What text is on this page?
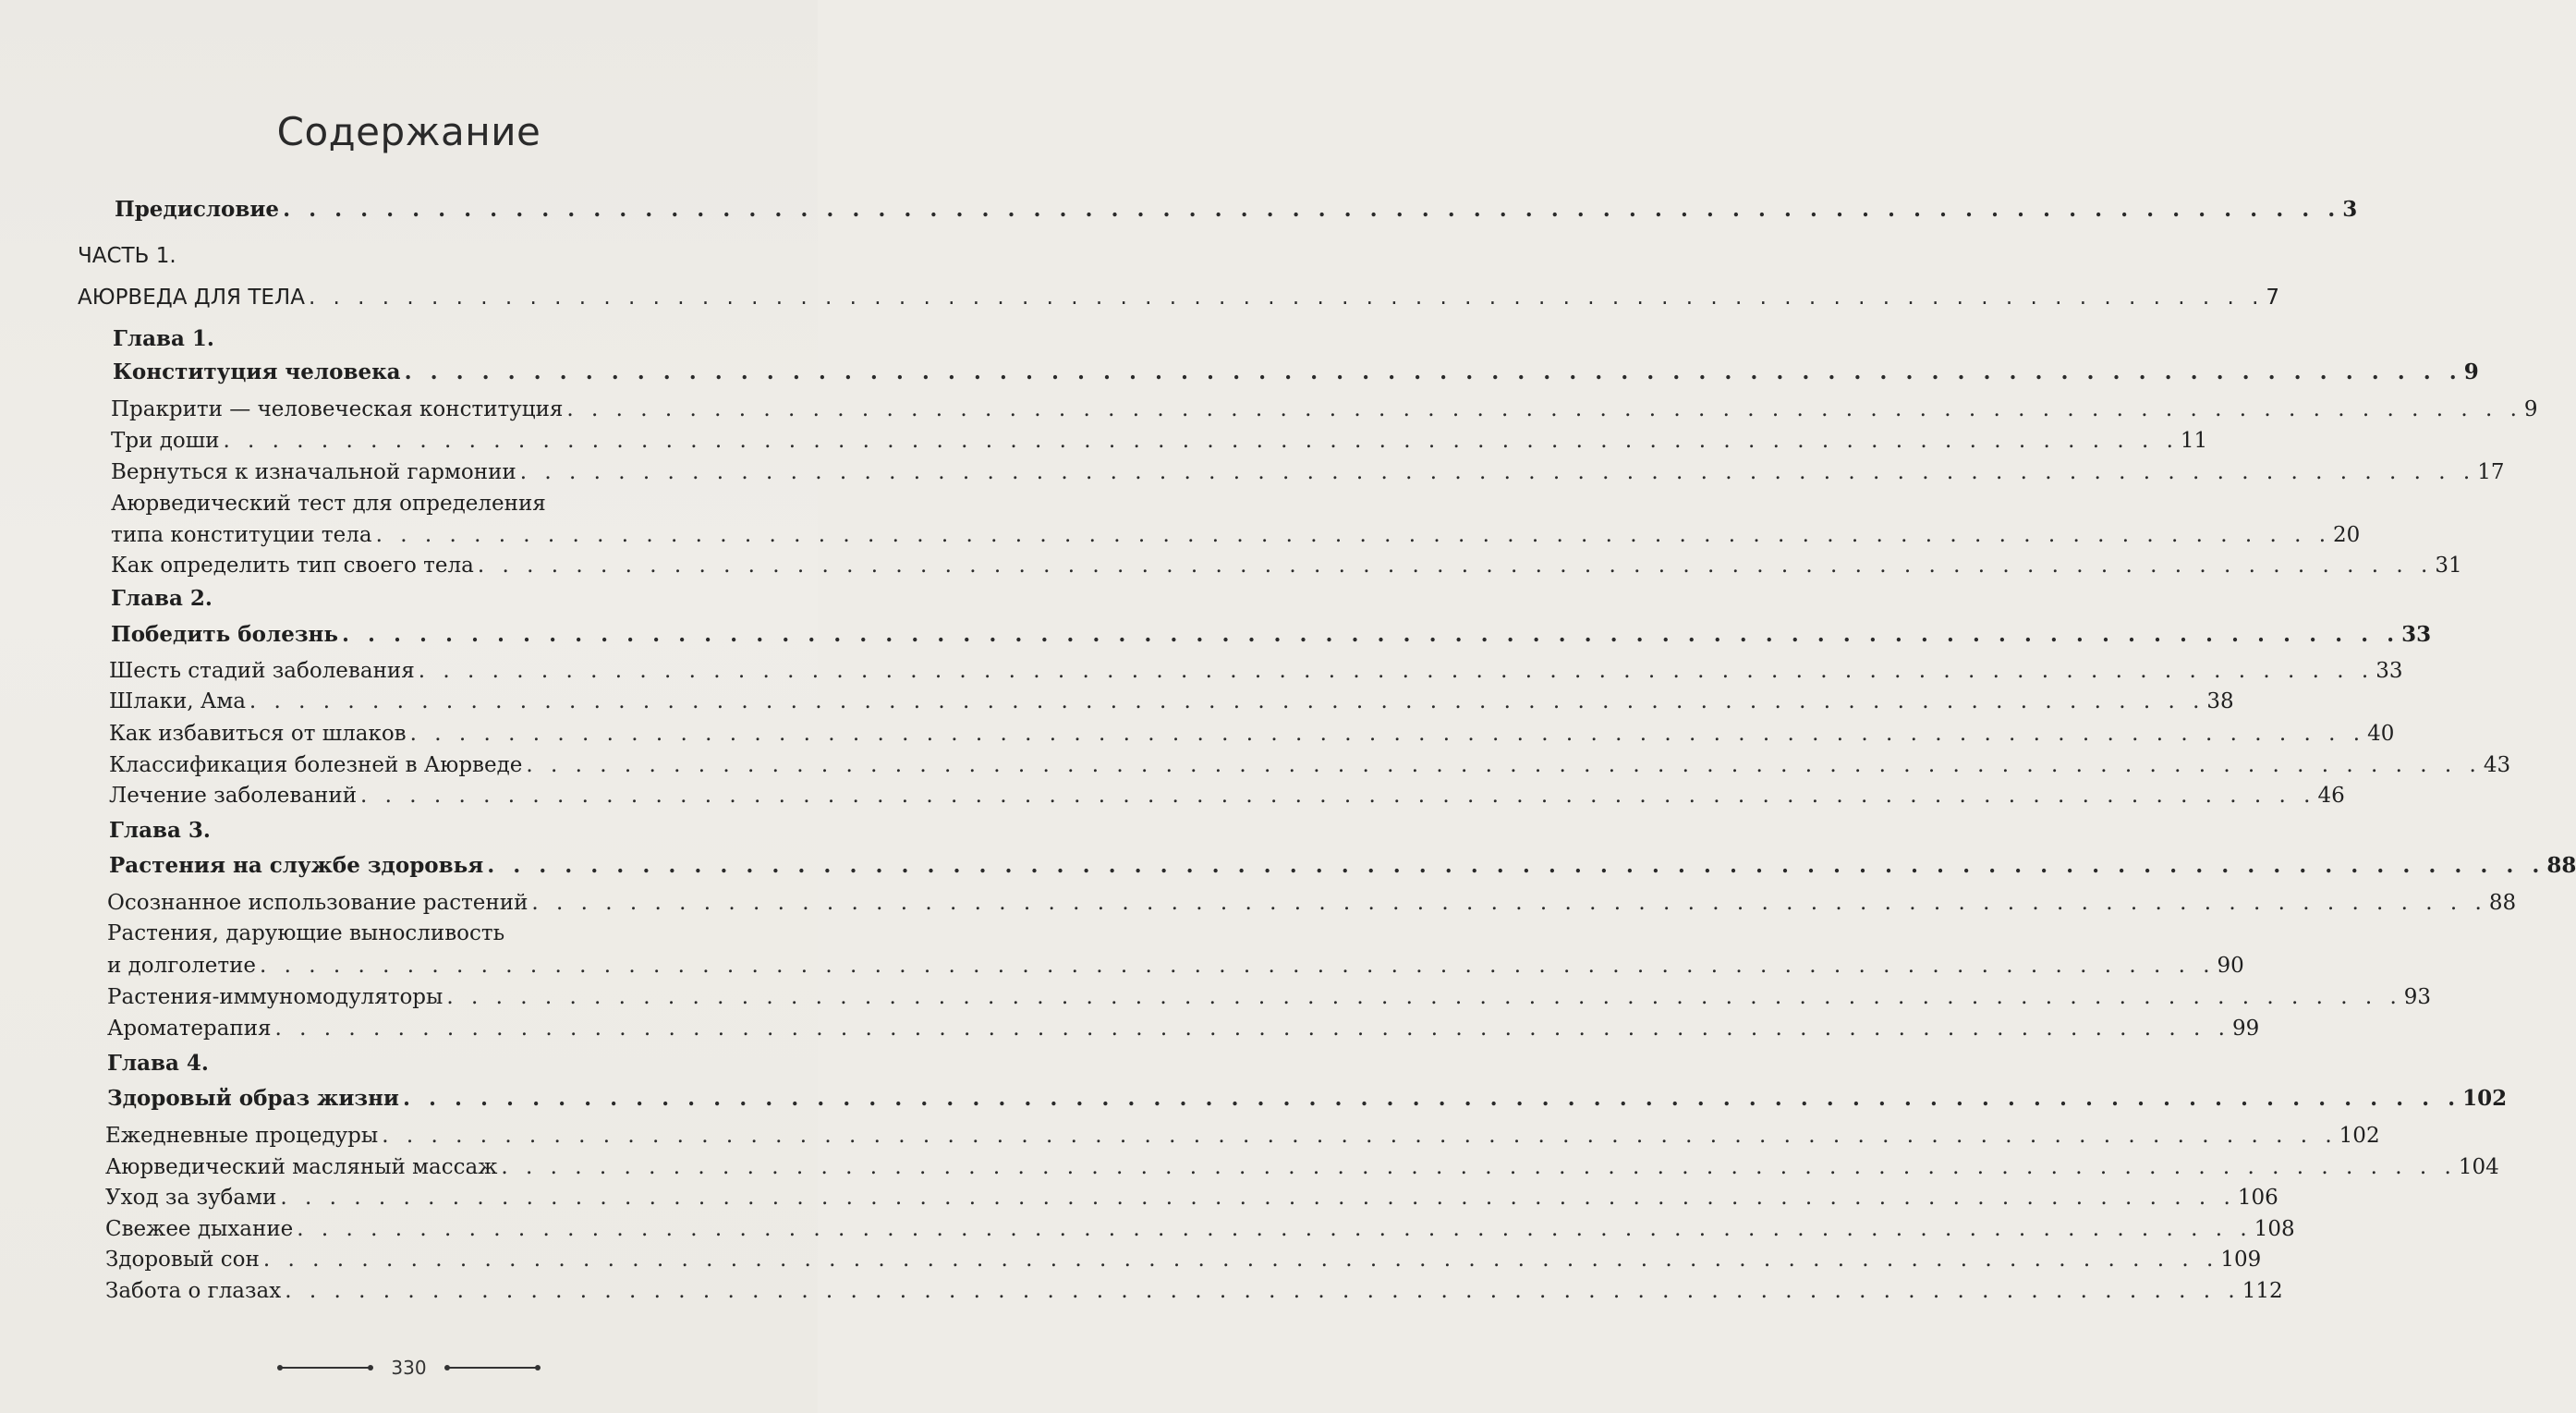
Содержание
Предисловие . . . . . . . . . . . . . . . . . . . . . . . . . . . . . . . . . . . . . . . . . . . . . . . . . . . . . . . . . . . . . . . . . . . . . . . . . . . . . . . . 3
ЧАСТЬ 1.
АЮРВЕДА ДЛЯ ТЕЛА . . . . . . . . . . . . . . . . . . . . . . . . . . . . . . . . . . . . . . . . . . . . . . . . . . . . . . . . . . . . . . . . . . . . . . . . . . . . . . . . 7
Глава 1.
Конституция человека . . . . . . . . . . . . . . . . . . . . . . . . . . . . . . . . . . . . . . . . . . . . . . . . . . . . . . . . . . . . . . . . . . . . . . . . . . . . . . . . 9
Пракрити — человеческая конституция . . . . . . . . . . . . . . . . . . . . . . . . . . . . . . . . . . . . . . . . . . . . . . . . . . . . . . . . . . . . . . . . . . . . . . . . . . . . . . . . 9
Три доши . . . . . . . . . . . . . . . . . . . . . . . . . . . . . . . . . . . . . . . . . . . . . . . . . . . . . . . . . . . . . . . . . . . . . . . . . . . . . . . . 11
Вернуться к изначальной гармонии . . . . . . . . . . . . . . . . . . . . . . . . . . . . . . . . . . . . . . . . . . . . . . . . . . . . . . . . . . . . . . . . . . . . . . . . . . . . . . . . 17
Аюрведический тест для определения
типа конституции тела . . . . . . . . . . . . . . . . . . . . . . . . . . . . . . . . . . . . . . . . . . . . . . . . . . . . . . . . . . . . . . . . . . . . . . . . . . . . . . . . 20
Как определить тип своего тела . . . . . . . . . . . . . . . . . . . . . . . . . . . . . . . . . . . . . . . . . . . . . . . . . . . . . . . . . . . . . . . . . . . . . . . . . . . . . . . . 31
Глава 2.
Победить болезнь . . . . . . . . . . . . . . . . . . . . . . . . . . . . . . . . . . . . . . . . . . . . . . . . . . . . . . . . . . . . . . . . . . . . . . . . . . . . . . . . 33
Шесть стадий заболевания . . . . . . . . . . . . . . . . . . . . . . . . . . . . . . . . . . . . . . . . . . . . . . . . . . . . . . . . . . . . . . . . . . . . . . . . . . . . . . . . 33
Шлаки, Ама . . . . . . . . . . . . . . . . . . . . . . . . . . . . . . . . . . . . . . . . . . . . . . . . . . . . . . . . . . . . . . . . . . . . . . . . . . . . . . . . 38
Как избавиться от шлаков . . . . . . . . . . . . . . . . . . . . . . . . . . . . . . . . . . . . . . . . . . . . . . . . . . . . . . . . . . . . . . . . . . . . . . . . . . . . . . . . 40
Классификация болезней в Аюрведе . . . . . . . . . . . . . . . . . . . . . . . . . . . . . . . . . . . . . . . . . . . . . . . . . . . . . . . . . . . . . . . . . . . . . . . . . . . . . . . . 43
Лечение заболеваний . . . . . . . . . . . . . . . . . . . . . . . . . . . . . . . . . . . . . . . . . . . . . . . . . . . . . . . . . . . . . . . . . . . . . . . . . . . . . . . . 46
Глава 3.
Растения на службе здоровья . . . . . . . . . . . . . . . . . . . . . . . . . . . . . . . . . . . . . . . . . . . . . . . . . . . . . . . . . . . . . . . . . . . . . . . . . . . . . . . . 88
Осознанное использование растений . . . . . . . . . . . . . . . . . . . . . . . . . . . . . . . . . . . . . . . . . . . . . . . . . . . . . . . . . . . . . . . . . . . . . . . . . . . . . . . . 88
Растения, дарующие выносливость
и долголетие . . . . . . . . . . . . . . . . . . . . . . . . . . . . . . . . . . . . . . . . . . . . . . . . . . . . . . . . . . . . . . . . . . . . . . . . . . . . . . . . 90
Растения-иммуномодуляторы . . . . . . . . . . . . . . . . . . . . . . . . . . . . . . . . . . . . . . . . . . . . . . . . . . . . . . . . . . . . . . . . . . . . . . . . . . . . . . . . 93
Ароматерапия . . . . . . . . . . . . . . . . . . . . . . . . . . . . . . . . . . . . . . . . . . . . . . . . . . . . . . . . . . . . . . . . . . . . . . . . . . . . . . . . 99
Глава 4.
Здоровый образ жизни . . . . . . . . . . . . . . . . . . . . . . . . . . . . . . . . . . . . . . . . . . . . . . . . . . . . . . . . . . . . . . . . . . . . . . . . . . . . . . . . 102
Ежедневные процедуры . . . . . . . . . . . . . . . . . . . . . . . . . . . . . . . . . . . . . . . . . . . . . . . . . . . . . . . . . . . . . . . . . . . . . . . . . . . . . . . . 102
Аюрведический масляный массаж . . . . . . . . . . . . . . . . . . . . . . . . . . . . . . . . . . . . . . . . . . . . . . . . . . . . . . . . . . . . . . . . . . . . . . . . . . . . . . . . 104
Уход за зубами . . . . . . . . . . . . . . . . . . . . . . . . . . . . . . . . . . . . . . . . . . . . . . . . . . . . . . . . . . . . . . . . . . . . . . . . . . . . . . . . 106
Свежее дыхание . . . . . . . . . . . . . . . . . . . . . . . . . . . . . . . . . . . . . . . . . . . . . . . . . . . . . . . . . . . . . . . . . . . . . . . . . . . . . . . . 108
Здоровый сон . . . . . . . . . . . . . . . . . . . . . . . . . . . . . . . . . . . . . . . . . . . . . . . . . . . . . . . . . . . . . . . . . . . . . . . . . . . . . . . . 109
Забота о глазах . . . . . . . . . . . . . . . . . . . . . . . . . . . . . . . . . . . . . . . . . . . . . . . . . . . . . . . . . . . . . . . . . . . . . . . . . . . . . . . . 112
330
